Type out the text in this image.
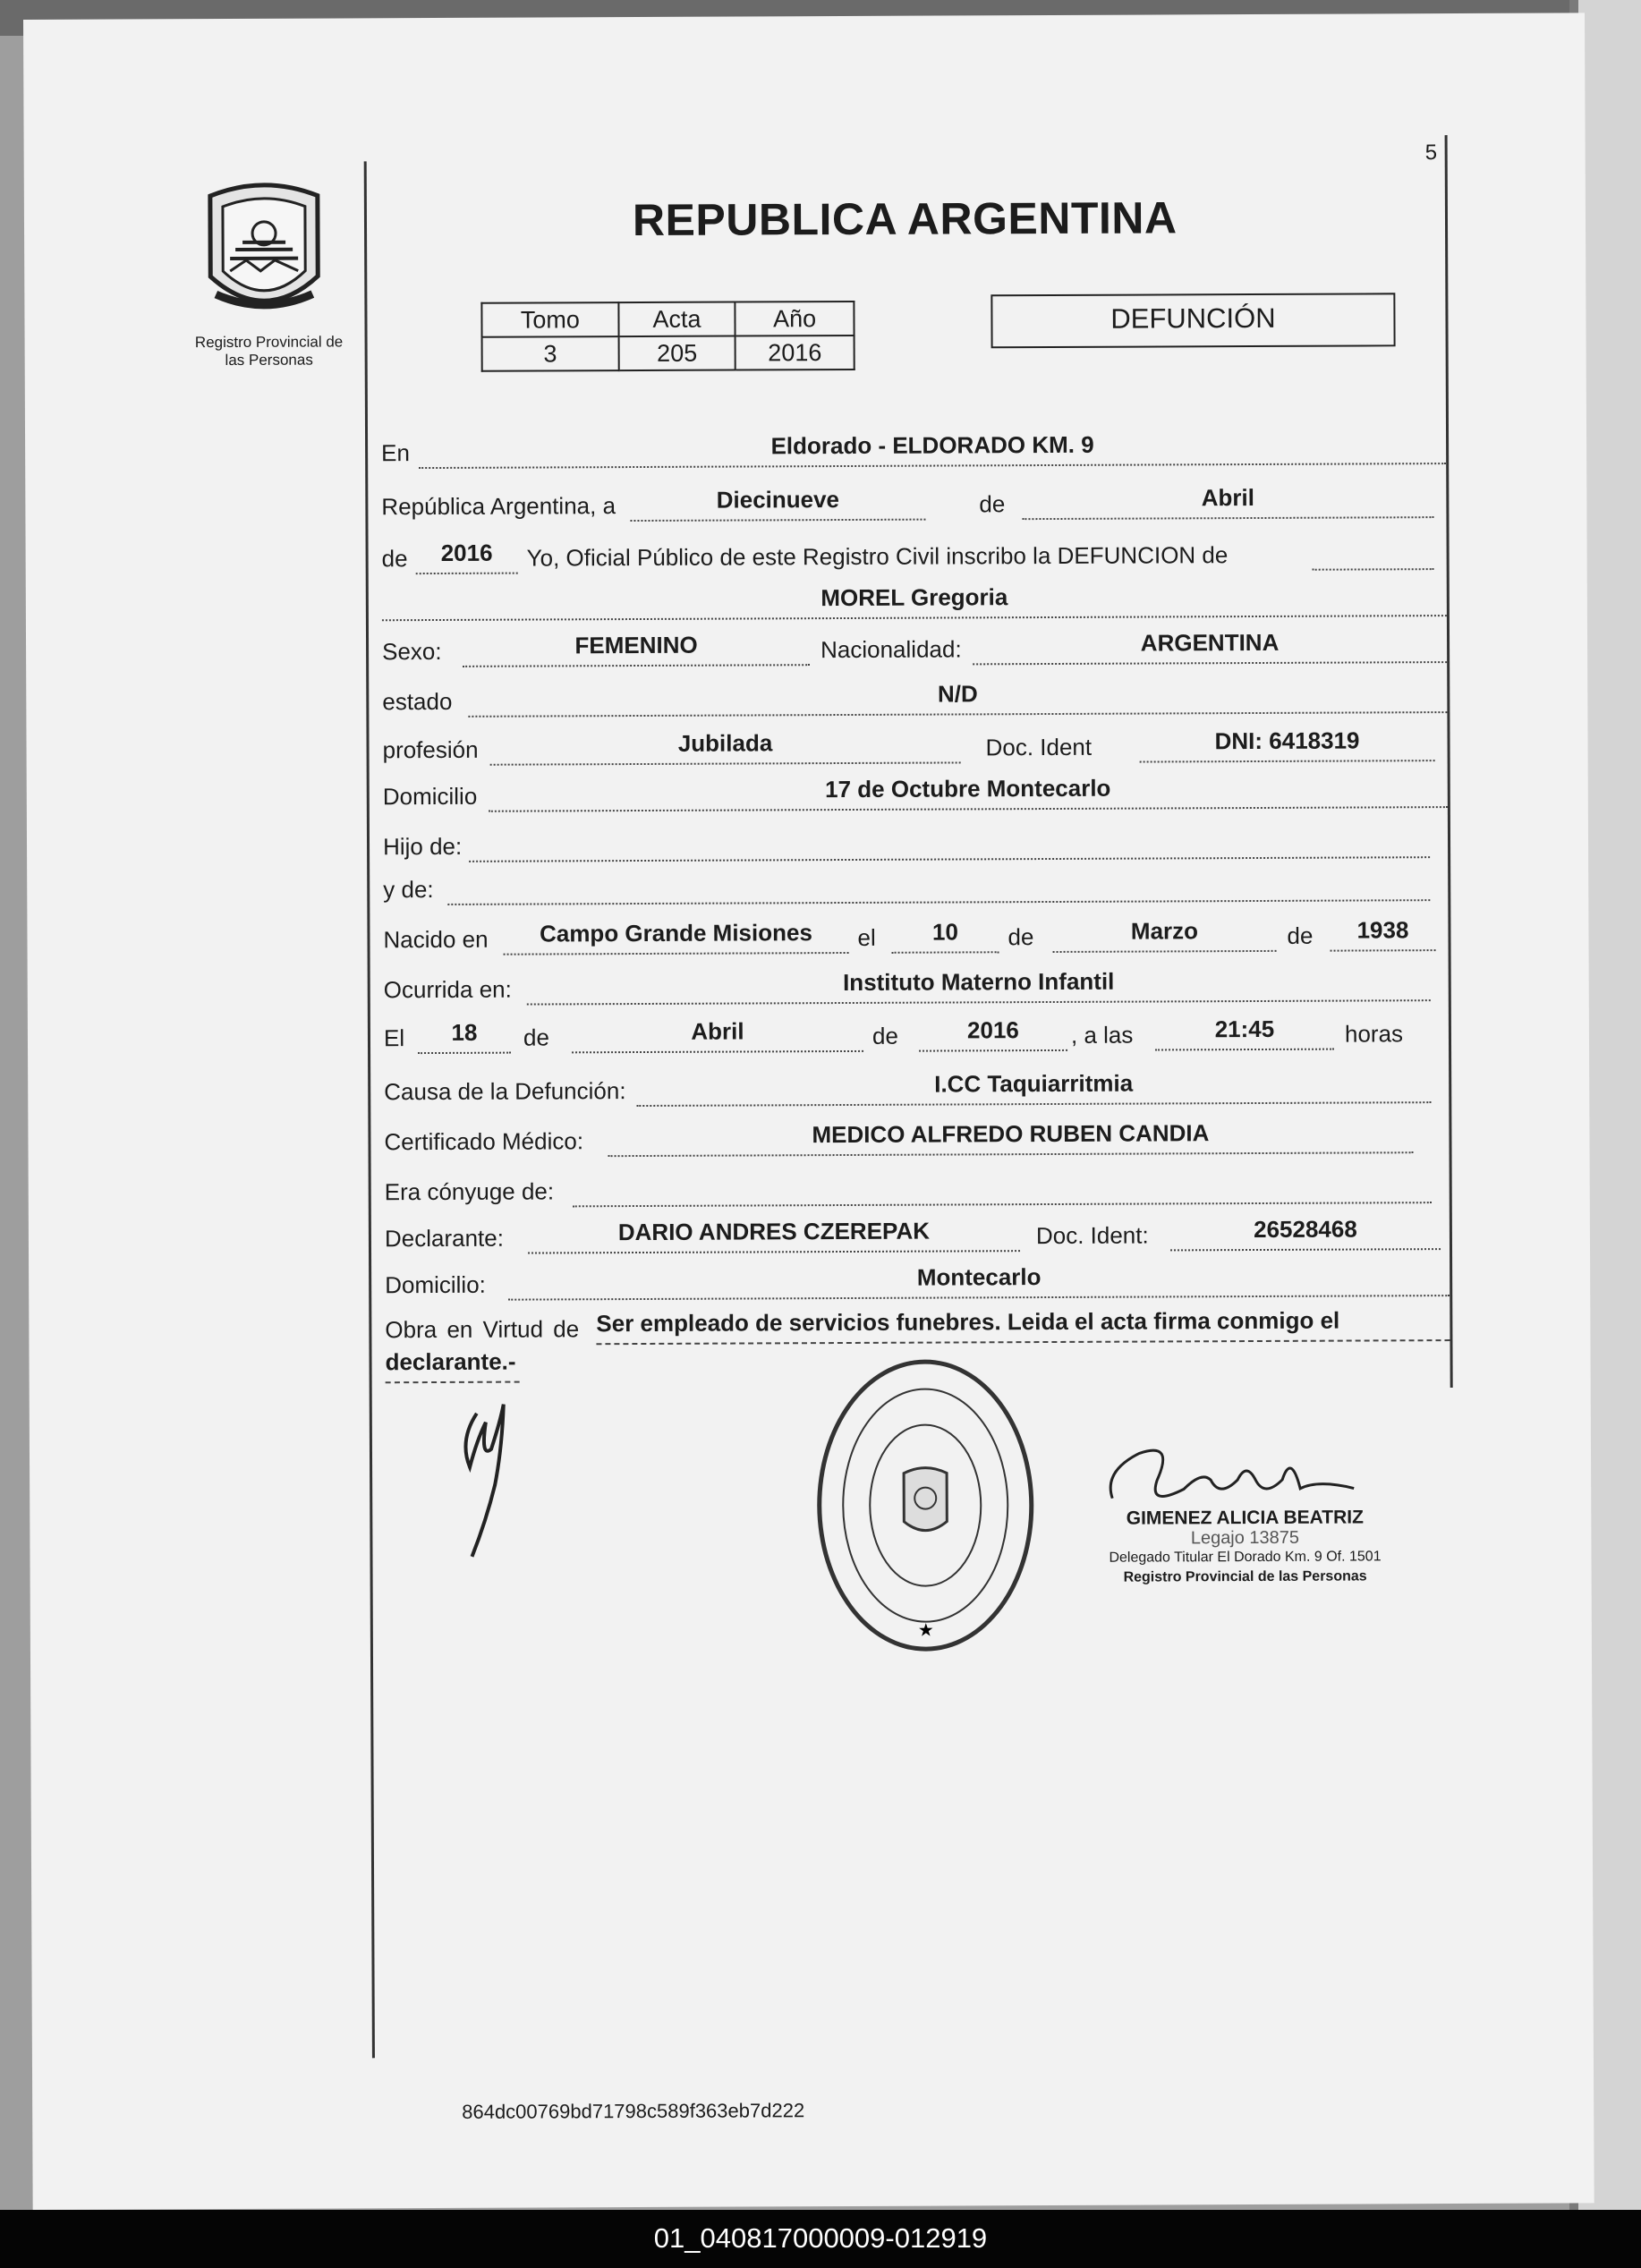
5
Registro Provincial de
las Personas
REPUBLICA ARGENTINA
Tomo	Acta	Año
3	205	2016
DEFUNCIÓN
En	Eldorado - ELDORADO KM. 9
República Argentina, a	Diecinueve	de	Abril
de	2016	Yo, Oficial Público de este Registro Civil inscribo la DEFUNCION de
MOREL Gregoria
Sexo:	FEMENINO	Nacionalidad:	ARGENTINA
estado	N/D
profesión	Jubilada	Doc. Ident	DNI: 6418319
Domicilio	17 de Octubre Montecarlo
Hijo de:
y de:
Nacido en	Campo Grande Misiones	el	10	de	Marzo	de	1938
Ocurrida en:	Instituto Materno Infantil
El	18	de	Abril	de	2016	, a las	21:45	horas
Causa de la Defunción:	I.CC Taquiarritmia
Certificado Médico:	MEDICO ALFREDO RUBEN CANDIA
Era cónyuge de:
Declarante:	DARIO ANDRES CZEREPAK	Doc. Ident:	26528468
Domicilio:	Montecarlo
Obra en Virtud de Ser empleado de servicios funebres. Leida el acta firma conmigo el
declarante.-
★
GIMENEZ ALICIA BEATRIZ
Legajo 13875
Delegado Titular El Dorado Km. 9 Of. 1501
Registro Provincial de las Personas
864dc00769bd71798c589f363eb7d222
01_040817000009-012919
